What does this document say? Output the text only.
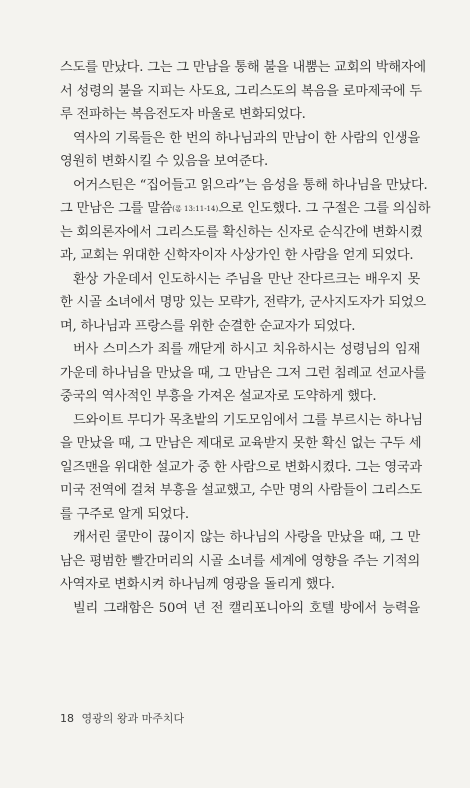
스도를 만났다. 그는 그 만남을 통해 불을 내뿜는 교회의 박해자에
서 성령의 불을 지피는 사도요, 그리스도의 복음을 로마제국에 두
루 전파하는 복음전도자 바울로 변화되었다.
역사의 기록들은 한 번의 하나님과의 만남이 한 사람의 인생을
영원히 변화시킬 수 있음을 보여준다.
어거스틴은 “집어들고 읽으라”는 음성을 통해 하나님을 만났다.
그 만남은 그를 말씀(롬 13:11-14)으로 인도했다. 그 구절은 그를 의심하
는 회의론자에서 그리스도를 확신하는 신자로 순식간에 변화시켰
과, 교회는 위대한 신학자이자 사상가인 한 사람을 얻게 되었다.
환상 가운데서 인도하시는 주님을 만난 잔다르크는 배우지 못
한 시골 소녀에서 명망 있는 모략가, 전략가, 군사지도자가 되었으
며, 하나님과 프랑스를 위한 순결한 순교자가 되었다.
버사 스미스가 죄를 깨닫게 하시고 치유하시는 성령님의 임재
가운데 하나님을 만났을 때, 그 만남은 그저 그런 침례교 선교사를
중국의 역사적인 부흥을 가져온 설교자로 도약하게 했다.
드와이트 무디가 목초밭의 기도모임에서 그를 부르시는 하나님
을 만났을 때, 그 만남은 제대로 교육받지 못한 확신 없는 구두 세
일즈맨을 위대한 설교가 중 한 사람으로 변화시켰다. 그는 영국과
미국 전역에 걸쳐 부흥을 설교했고, 수만 명의 사람들이 그리스도
를 구주로 알게 되었다.
캐서린 쿨만이 끊이지 않는 하나님의 사랑을 만났을 때, 그 만
남은 평범한 빨간머리의 시골 소녀를 세계에 영향을 주는 기적의
사역자로 변화시켜 하나님께 영광을 돌리게 했다.
빌리 그래함은 50여 년 전 캘리포니아의 호텔 방에서 능력을
18 영광의 왕과 마주치다
